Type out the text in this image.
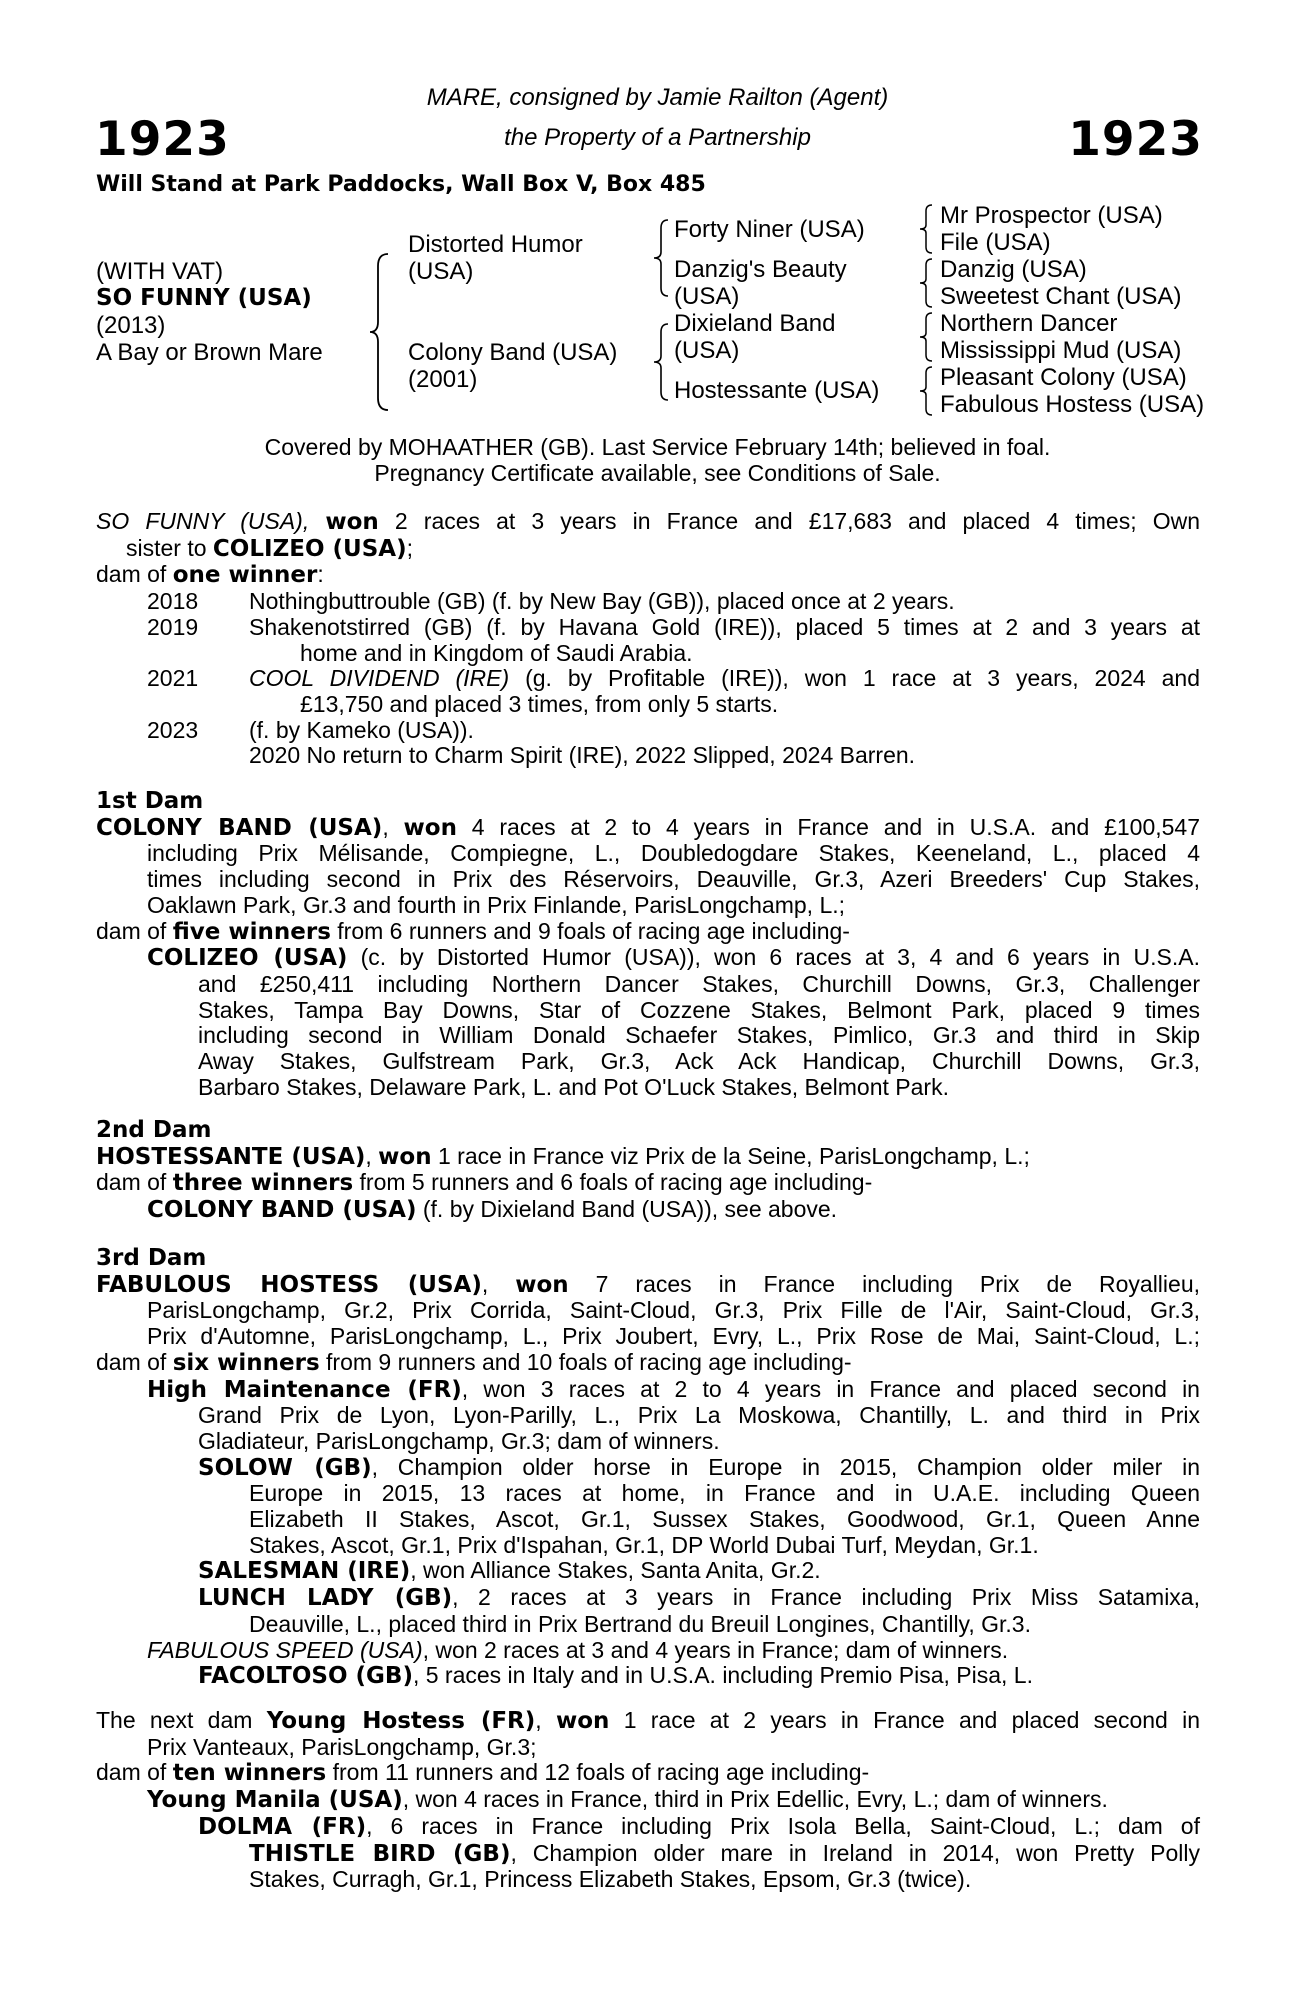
1923	1923
MARE, consigned by Jamie Railton (Agent)
the Property of a Partnership
Will Stand at Park Paddocks, Wall Box V, Box 485
(WITH VAT)
SO FUNNY (USA)
(2013)
A Bay or Brown Mare
Distorted Humor
(USA)
Colony Band (USA)
(2001)
Forty Niner (USA)
Danzig's Beauty
(USA)
Dixieland Band
(USA)
Hostessante (USA)
Mr Prospector (USA)
File (USA)
Danzig (USA)
Sweetest Chant (USA)
Northern Dancer
Mississippi Mud (USA)
Pleasant Colony (USA)
Fabulous Hostess (USA)
Covered by MOHAATHER (GB). Last Service February 14th; believed in foal.
Pregnancy Certificate available, see Conditions of Sale.

SO FUNNY (USA), won 2 races at 3 years in France and £17,683 and placed 4 times; Own

sister to COLIZEO (USA);

dam of one winner:

2018 Nothingbuttrouble (GB) (f. by New Bay (GB)), placed once at 2 years.
2019 Shakenotstirred (GB) (f. by Havana Gold (IRE)), placed 5 times at 2 and 3 years at

home and in Kingdom of Saudi Arabia.

2021 COOL DIVIDEND (IRE) (g. by Profitable (IRE)), won 1 race at 3 years, 2024 and

£13,750 and placed 3 times, from only 5 starts.

2023 (f. by Kameko (USA)).

2020 No return to Charm Spirit (IRE), 2022 Slipped, 2024 Barren.

1st Dam

COLONY BAND (USA), won 4 races at 2 to 4 years in France and in U.S.A. and £100,547

including Prix Mélisande, Compiegne, L., Doubledogdare Stakes, Keeneland, L., placed 4

times including second in Prix des Réservoirs, Deauville, Gr.3, Azeri Breeders' Cup Stakes,

Oaklawn Park, Gr.3 and fourth in Prix Finlande, ParisLongchamp, L.;

dam of five winners from 6 runners and 9 foals of racing age including-

COLIZEO (USA) (c. by Distorted Humor (USA)), won 6 races at 3, 4 and 6 years in U.S.A.

and £250,411 including Northern Dancer Stakes, Churchill Downs, Gr.3, Challenger

Stakes, Tampa Bay Downs, Star of Cozzene Stakes, Belmont Park, placed 9 times

including second in William Donald Schaefer Stakes, Pimlico, Gr.3 and third in Skip

Away Stakes, Gulfstream Park, Gr.3, Ack Ack Handicap, Churchill Downs, Gr.3,

Barbaro Stakes, Delaware Park, L. and Pot O'Luck Stakes, Belmont Park.

2nd Dam

HOSTESSANTE (USA), won 1 race in France viz Prix de la Seine, ParisLongchamp, L.;

dam of three winners from 5 runners and 6 foals of racing age including-

COLONY BAND (USA) (f. by Dixieland Band (USA)), see above.

3rd Dam

FABULOUS HOSTESS (USA), won 7 races in France including Prix de Royallieu,

ParisLongchamp, Gr.2, Prix Corrida, Saint-Cloud, Gr.3, Prix Fille de l'Air, Saint-Cloud, Gr.3,

Prix d'Automne, ParisLongchamp, L., Prix Joubert, Evry, L., Prix Rose de Mai, Saint-Cloud, L.;

dam of six winners from 9 runners and 10 foals of racing age including-

High Maintenance (FR), won 3 races at 2 to 4 years in France and placed second in

Grand Prix de Lyon, Lyon-Parilly, L., Prix La Moskowa, Chantilly, L. and third in Prix

Gladiateur, ParisLongchamp, Gr.3; dam of winners.

SOLOW (GB), Champion older horse in Europe in 2015, Champion older miler in

Europe in 2015, 13 races at home, in France and in U.A.E. including Queen

Elizabeth II Stakes, Ascot, Gr.1, Sussex Stakes, Goodwood, Gr.1, Queen Anne

Stakes, Ascot, Gr.1, Prix d'Ispahan, Gr.1, DP World Dubai Turf, Meydan, Gr.1.

SALESMAN (IRE), won Alliance Stakes, Santa Anita, Gr.2.

LUNCH LADY (GB), 2 races at 3 years in France including Prix Miss Satamixa,

Deauville, L., placed third in Prix Bertrand du Breuil Longines, Chantilly, Gr.3.

FABULOUS SPEED (USA), won 2 races at 3 and 4 years in France; dam of winners.

FACOLTOSO (GB), 5 races in Italy and in U.S.A. including Premio Pisa, Pisa, L.

The next dam Young Hostess (FR), won 1 race at 2 years in France and placed second in

Prix Vanteaux, ParisLongchamp, Gr.3;

dam of ten winners from 11 runners and 12 foals of racing age including-

Young Manila (USA), won 4 races in France, third in Prix Edellic, Evry, L.; dam of winners.

DOLMA (FR), 6 races in France including Prix Isola Bella, Saint-Cloud, L.; dam of

THISTLE BIRD (GB), Champion older mare in Ireland in 2014, won Pretty Polly

Stakes, Curragh, Gr.1, Princess Elizabeth Stakes, Epsom, Gr.3 (twice).
